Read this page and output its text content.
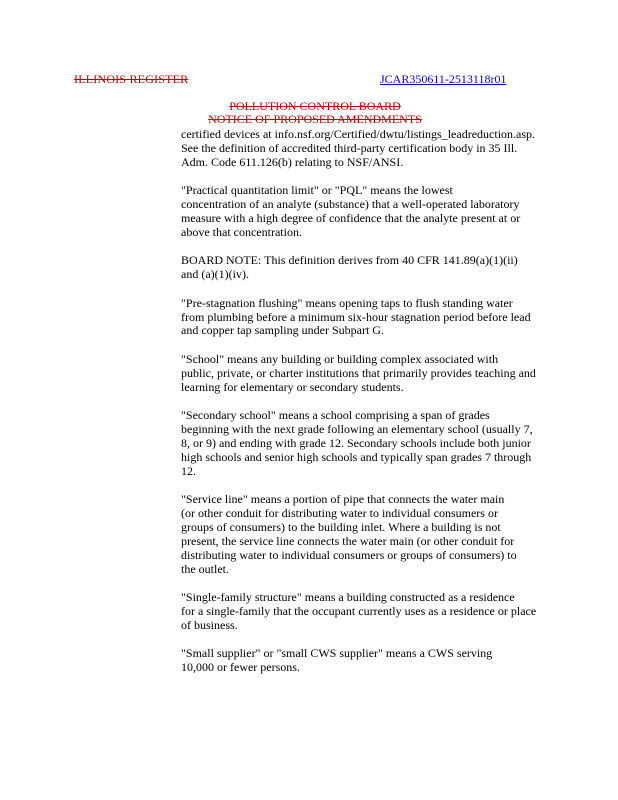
ILLINOIS REGISTER	JCAR350611-2513118r01
POLLUTION CONTROL BOARD
NOTICE OF PROPOSED AMENDMENTS
certified devices at info.nsf.org/Certified/dwtu/listings_leadreduction.asp.
See the definition of accredited third-party certification body in 35 Ill.
Adm. Code 611.126(b) relating to NSF/ANSI.
"Practical quantitation limit" or "PQL" means the lowest
concentration of an analyte (substance) that a well-operated laboratory
measure with a high degree of confidence that the analyte present at or
above that concentration.
BOARD NOTE: This definition derives from 40 CFR 141.89(a)(1)(ii)
and (a)(1)(iv).
"Pre-stagnation flushing" means opening taps to flush standing water
from plumbing before a minimum six-hour stagnation period before lead
and copper tap sampling under Subpart G.
"School" means any building or building complex associated with
public, private, or charter institutions that primarily provides teaching and
learning for elementary or secondary students.
"Secondary school" means a school comprising a span of grades
beginning with the next grade following an elementary school (usually 7,
8, or 9) and ending with grade 12. Secondary schools include both junior
high schools and senior high schools and typically span grades 7 through
12.
"Service line" means a portion of pipe that connects the water main
(or other conduit for distributing water to individual consumers or
groups of consumers) to the building inlet. Where a building is not
present, the service line connects the water main (or other conduit for
distributing water to individual consumers or groups of consumers) to
the outlet.
"Single-family structure" means a building constructed as a residence
for a single-family that the occupant currently uses as a residence or place
of business.
"Small supplier" or "small CWS supplier" means a CWS serving
10,000 or fewer persons.
